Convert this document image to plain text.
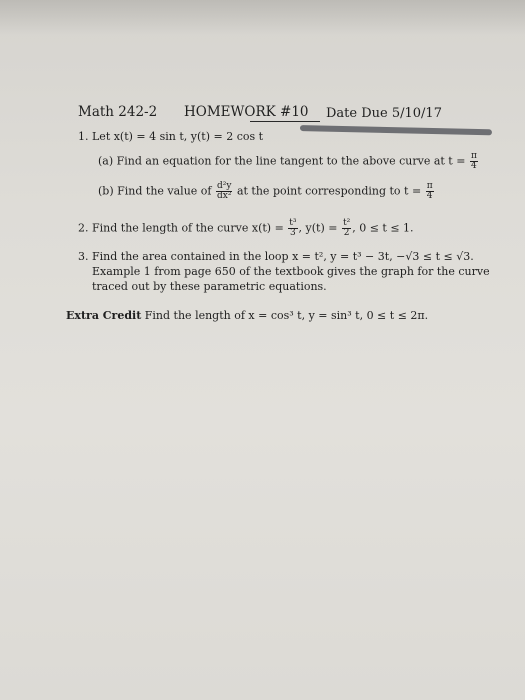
Math 242-2 HOMEWORK #10 Date Due 5/10/17
1. Let x(t) = 4 sin t, y(t) = 2 cos t
(a) Find an equation for the line tangent to the above curve at $t = \frac{\pi}{4}$
(b) Find the value of $\frac{\text{d²y}}{\text{dx²}}$ at the point corresponding to $t = \frac{\pi}{4}$
2. Find the length of the curve $x(t) = \frac{\text{t³}}{3}$ , $y(t) = \frac{\text{t²}}{2}$ , 0 ≤ t ≤ 1.
3. Find the area contained in the loop x = t², y = t³ − 3t, −√3 ≤ t ≤ √3.
Example 1 from page 650 of the textbook gives the graph for the curve
traced out by these parametric equations.
Extra Credit Find the length of x = cos³ t, y = sin³ t, 0 ≤ t ≤ 2π.
